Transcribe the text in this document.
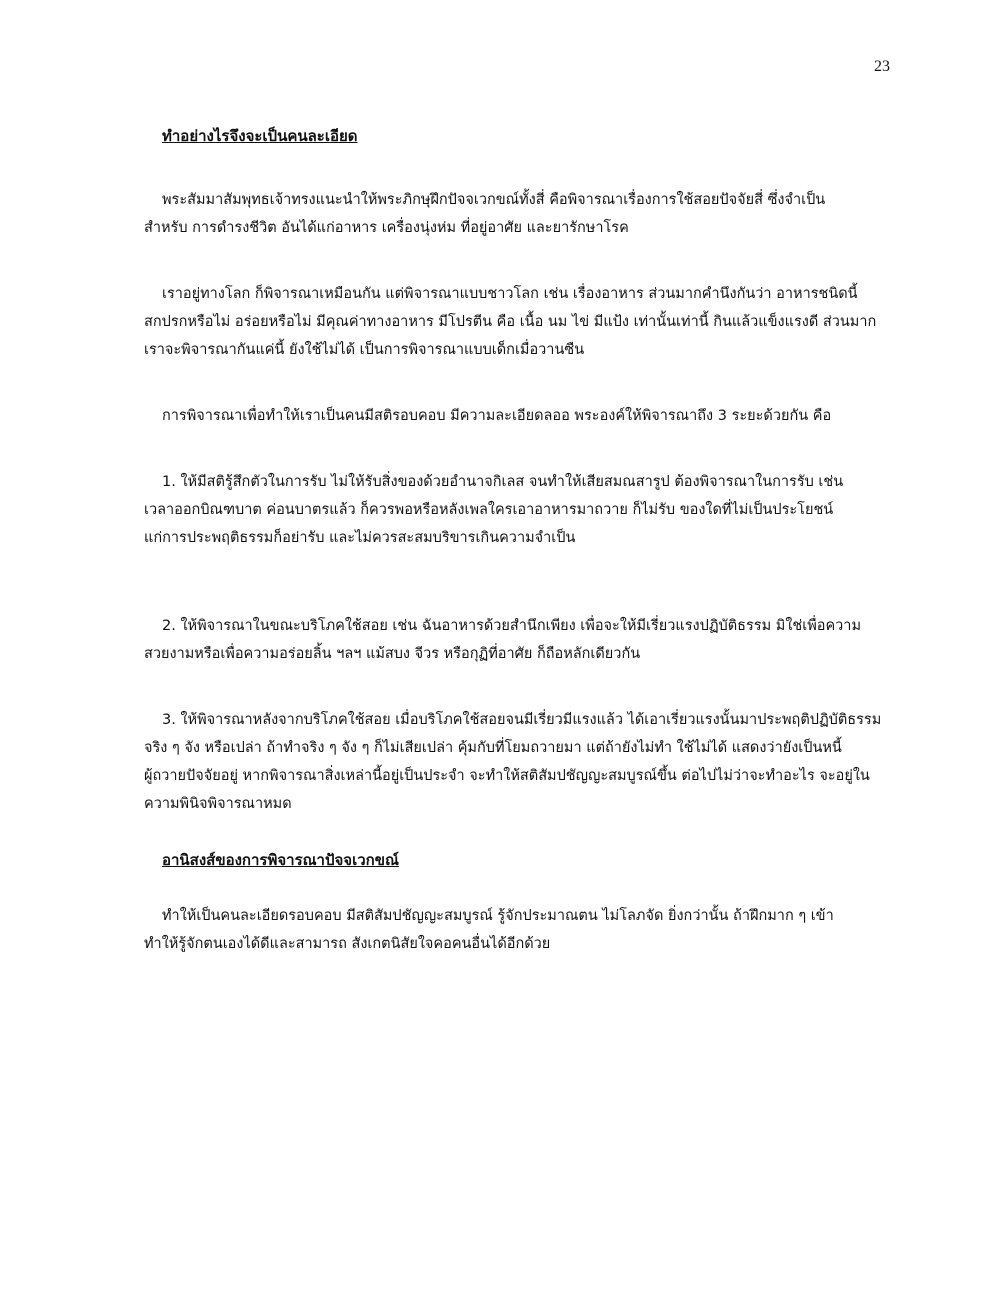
23
ทำอย่างไรจึงจะเป็นคนละเอียด

พระสัมมาสัมพุทธเจ้าทรงแนะนำให้พระภิกษุฝึกปัจจเวกขณ์ทั้งสี่ คือพิจารณาเรื่องการใช้สอยปัจจัยสี่ ซึ่งจำเป็น
สำหรับ การดำรงชีวิต อันได้แก่อาหาร เครื่องนุ่งห่ม ที่อยู่อาศัย และยารักษาโรค

เราอยู่ทางโลก ก็พิจารณาเหมือนกัน แต่พิจารณาแบบชาวโลก เช่น เรื่องอาหาร ส่วนมากคำนึงกันว่า อาหารชนิดนี้
สกปรกหรือไม่ อร่อยหรือไม่ มีคุณค่าทางอาหาร มีโปรตีน คือ เนื้อ นม ไข่ มีแป้ง เท่านั้นเท่านี้ กินแล้วแข็งแรงดี ส่วนมาก
เราจะพิจารณากันแค่นี้ ยังใช้ไม่ได้ เป็นการพิจารณาแบบเด็กเมื่อวานซืน

การพิจารณาเพื่อทำให้เราเป็นคนมีสติรอบคอบ มีความละเอียดลออ พระองค์ให้พิจารณาถึง 3 ระยะด้วยกัน คือ

1. ให้มีสติรู้สึกตัวในการรับ ไม่ให้รับสิ่งของด้วยอำนาจกิเลส จนทำให้เสียสมณสารูป ต้องพิจารณาในการรับ เช่น
เวลาออกบิณฑบาต ค่อนบาตรแล้ว ก็ควรพอหรือหลังเพลใครเอาอาหารมาถวาย ก็ไม่รับ ของใดที่ไม่เป็นประโยชน์
แก่การประพฤติธรรมก็อย่ารับ และไม่ควรสะสมบริขารเกินความจำเป็น

2. ให้พิจารณาในขณะบริโภคใช้สอย เช่น ฉันอาหารด้วยสำนึกเพียง เพื่อจะให้มีเรี่ยวแรงปฏิบัติธรรม มิใช่เพื่อความ
สวยงามหรือเพื่อความอร่อยลิ้น ฯลฯ แม้สบง จีวร หรือกุฏิที่อาศัย ก็ถือหลักเดียวกัน

3. ให้พิจารณาหลังจากบริโภคใช้สอย เมื่อบริโภคใช้สอยจนมีเรี่ยวมีแรงแล้ว ได้เอาเรี่ยวแรงนั้นมาประพฤติปฏิบัติธรรม
จริง ๆ จัง หรือเปล่า ถ้าทำจริง ๆ จัง ๆ ก็ไม่เสียเปล่า คุ้มกับที่โยมถวายมา แต่ถ้ายังไม่ทำ ใช้ไม่ได้ แสดงว่ายังเป็นหนี้
ผู้ถวายปัจจัยอยู่ หากพิจารณาสิ่งเหล่านี้อยู่เป็นประจำ จะทำให้สติสัมปชัญญะสมบูรณ์ขึ้น ต่อไปไม่ว่าจะทำอะไร จะอยู่ใน
ความพินิจพิจารณาหมด

อานิสงส์ของการพิจารณาปัจจเวกขณ์

ทำให้เป็นคนละเอียดรอบคอบ มีสติสัมปชัญญะสมบูรณ์ รู้จักประมาณตน ไม่โลภจัด ยิ่งกว่านั้น ถ้าฝึกมาก ๆ เข้า
ทำให้รู้จักตนเองได้ดีและสามารถ สังเกตนิสัยใจคอคนอื่นได้อีกด้วย
